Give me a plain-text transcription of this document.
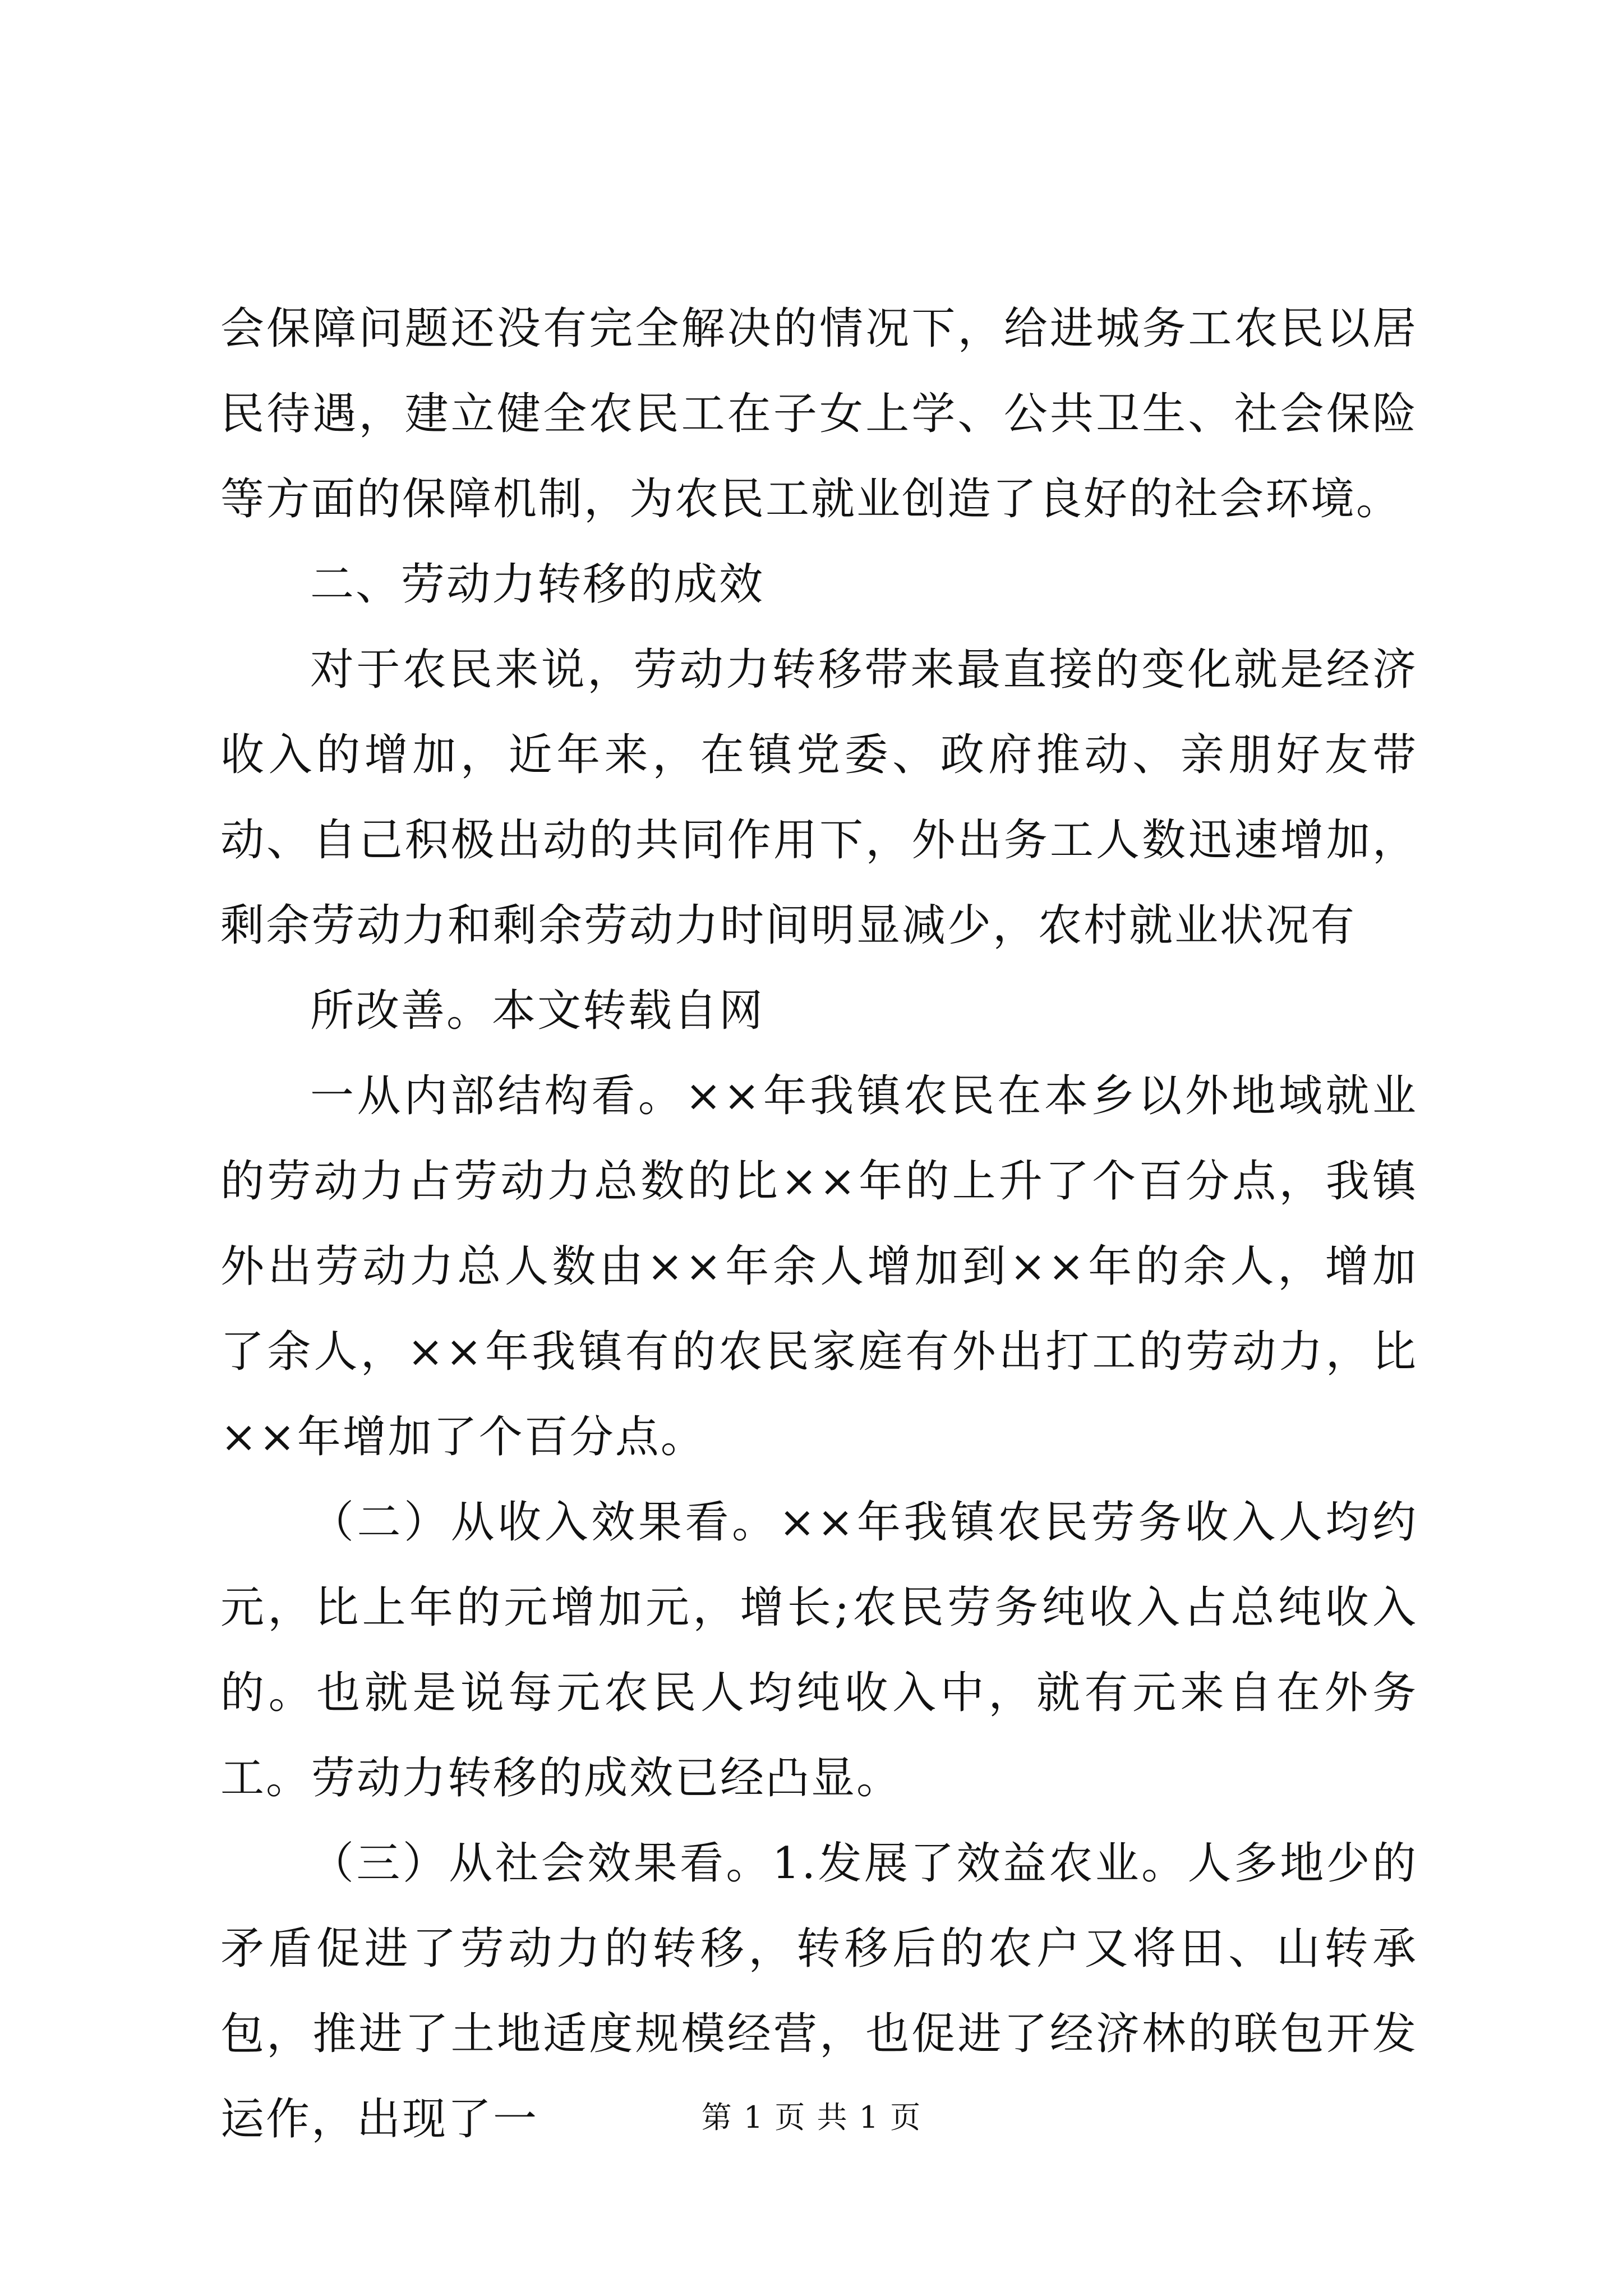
会保障问题还没有完全解决的情况下，给进城务工农民以居民待遇，建立健全农民工在子女上学、公共卫生、社会保险等方面的保障机制，为农民工就业创造了良好的社会环境。

二、劳动力转移的成效

对于农民来说，劳动力转移带来最直接的变化就是经济收入的增加，近年来，在镇党委、政府推动、亲朋好友带动、自己积极出动的共同作用下，外出务工人数迅速增加，剩余劳动力和剩余劳动力时间明显减少，农村就业状况有

所改善。本文转载自网

一从内部结构看。××年我镇农民在本乡以外地域就业的劳动力占劳动力总数的比××年的上升了个百分点，我镇外出劳动力总人数由××年余人增加到××年的余人，增加了余人，××年我镇有的农民家庭有外出打工的劳动力，比××年增加了个百分点。

（二）从收入效果看。××年我镇农民劳务收入人均约元，比上年的元增加元，增长;农民劳务纯收入占总纯收入的。也就是说每元农民人均纯收入中，就有元来自在外务工。劳动力转移的成效已经凸显。

（三）从社会效果看。1.发展了效益农业。人多地少的矛盾促进了劳动力的转移，转移后的农户又将田、山转承包，推进了土地适度规模经营，也促进了经济林的联包开发运作，出现了一	第 1 页 共 1 页
